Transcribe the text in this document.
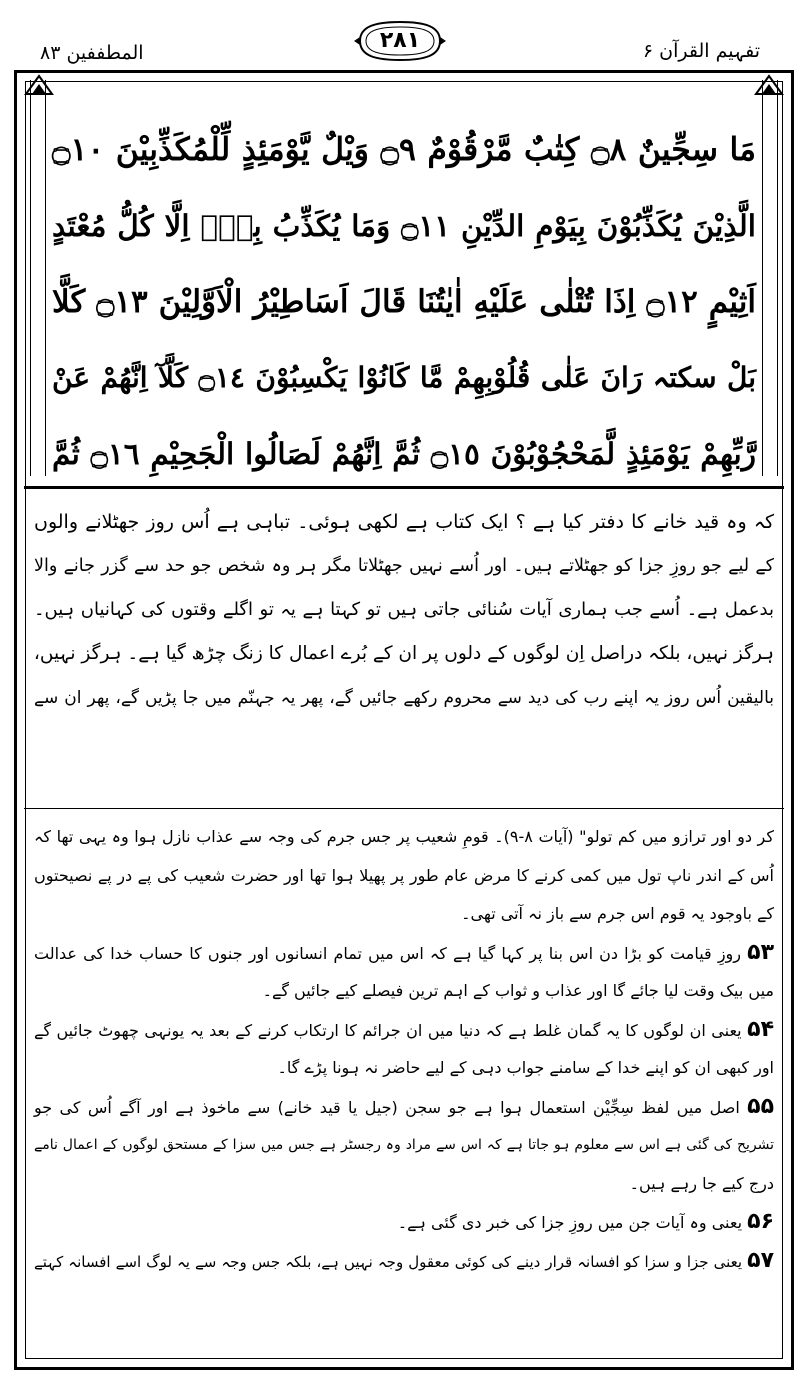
تفہیم القرآن ۶
۲۸۱
المطففین ۸۳
مَا سِجِّينٌ ۝٨ كِتٰبٌ مَّرْقُوْمٌ ۝٩ وَيْلٌ يَّوْمَئِذٍ لِّلْمُكَذِّبِيْنَ ۝١٠
الَّذِيْنَ يُكَذِّبُوْنَ بِيَوْمِ الدِّيْنِ ۝١١ وَمَا يُكَذِّبُ بِهٖٓ اِلَّا كُلُّ مُعْتَدٍ
اَثِيْمٍ ۝١٢ اِذَا تُتْلٰى عَلَيْهِ اٰيٰتُنَا قَالَ اَسَاطِيْرُ الْاَوَّلِيْنَ ۝١٣ كَلَّا
بَلْ سكتہ رَانَ عَلٰى قُلُوْبِهِمْ مَّا كَانُوْا يَكْسِبُوْنَ ۝١٤ كَلَّآ اِنَّهُمْ عَنْ
رَّبِّهِمْ يَوْمَئِذٍ لَّمَحْجُوْبُوْنَ ۝١٥ ثُمَّ اِنَّهُمْ لَصَالُوا الْجَحِيْمِ ۝١٦ ثُمَّ
کہ وہ قید خانے کا دفتر کیا ہے ؟ ایک کتاب ہے لکھی ہوئی۔ تباہی ہے اُس روز جھٹلانے والوں
کے لیے جو روزِ جزا کو جھٹلاتے ہیں۔ اور اُسے نہیں جھٹلاتا مگر ہر وہ شخص جو حد سے گزر جانے والا
بدعمل ہے۔ اُسے جب ہماری آیات سُنائی جاتی ہیں تو کہتا ہے یہ تو اگلے وقتوں کی کہانیاں ہیں۔
ہرگز نہیں، بلکہ دراصل اِن لوگوں کے دلوں پر ان کے بُرے اعمال کا زنگ چڑھ گیا ہے۔ ہرگز نہیں،
بالیقین اُس روز یہ اپنے رب کی دید سے محروم رکھے جائیں گے، پھر یہ جہنّم میں جا پڑیں گے، پھر ان سے
کر دو اور ترازو میں کم تولو" (آیات ۸-۹)۔ قومِ شعیب پر جس جرم کی وجہ سے عذاب نازل ہوا وہ یہی تھا کہ
اُس کے اندر ناپ تول میں کمی کرنے کا مرض عام طور پر پھیلا ہوا تھا اور حضرت شعیب کی پے در پے نصیحتوں
کے باوجود یہ قوم اس جرم سے باز نہ آتی تھی۔
۵۳ روزِ قیامت کو بڑا دن اس بنا پر کہا گیا ہے کہ اس میں تمام انسانوں اور جنوں کا حساب خدا کی عدالت
میں بیک وقت لیا جائے گا اور عذاب و ثواب کے اہم ترین فیصلے کیے جائیں گے۔
۵۴ یعنی ان لوگوں کا یہ گمان غلط ہے کہ دنیا میں ان جرائم کا ارتکاب کرنے کے بعد یہ یونہی چھوٹ جائیں گے
اور کبھی ان کو اپنے خدا کے سامنے جواب دہی کے لیے حاضر نہ ہونا پڑے گا۔
۵۵ اصل میں لفظ سِجِّیْن استعمال ہوا ہے جو سجن (جیل یا قید خانے) سے ماخوذ ہے اور آگے اُس کی جو
تشریح کی گئی ہے اس سے معلوم ہو جاتا ہے کہ اس سے مراد وہ رجسٹر ہے جس میں سزا کے مستحق لوگوں کے اعمال نامے
درج کیے جا رہے ہیں۔
۵۶ یعنی وہ آیات جن میں روزِ جزا کی خبر دی گئی ہے۔
۵۷ یعنی جزا و سزا کو افسانہ قرار دینے کی کوئی معقول وجہ نہیں ہے، بلکہ جس وجہ سے یہ لوگ اسے افسانہ کہتے
